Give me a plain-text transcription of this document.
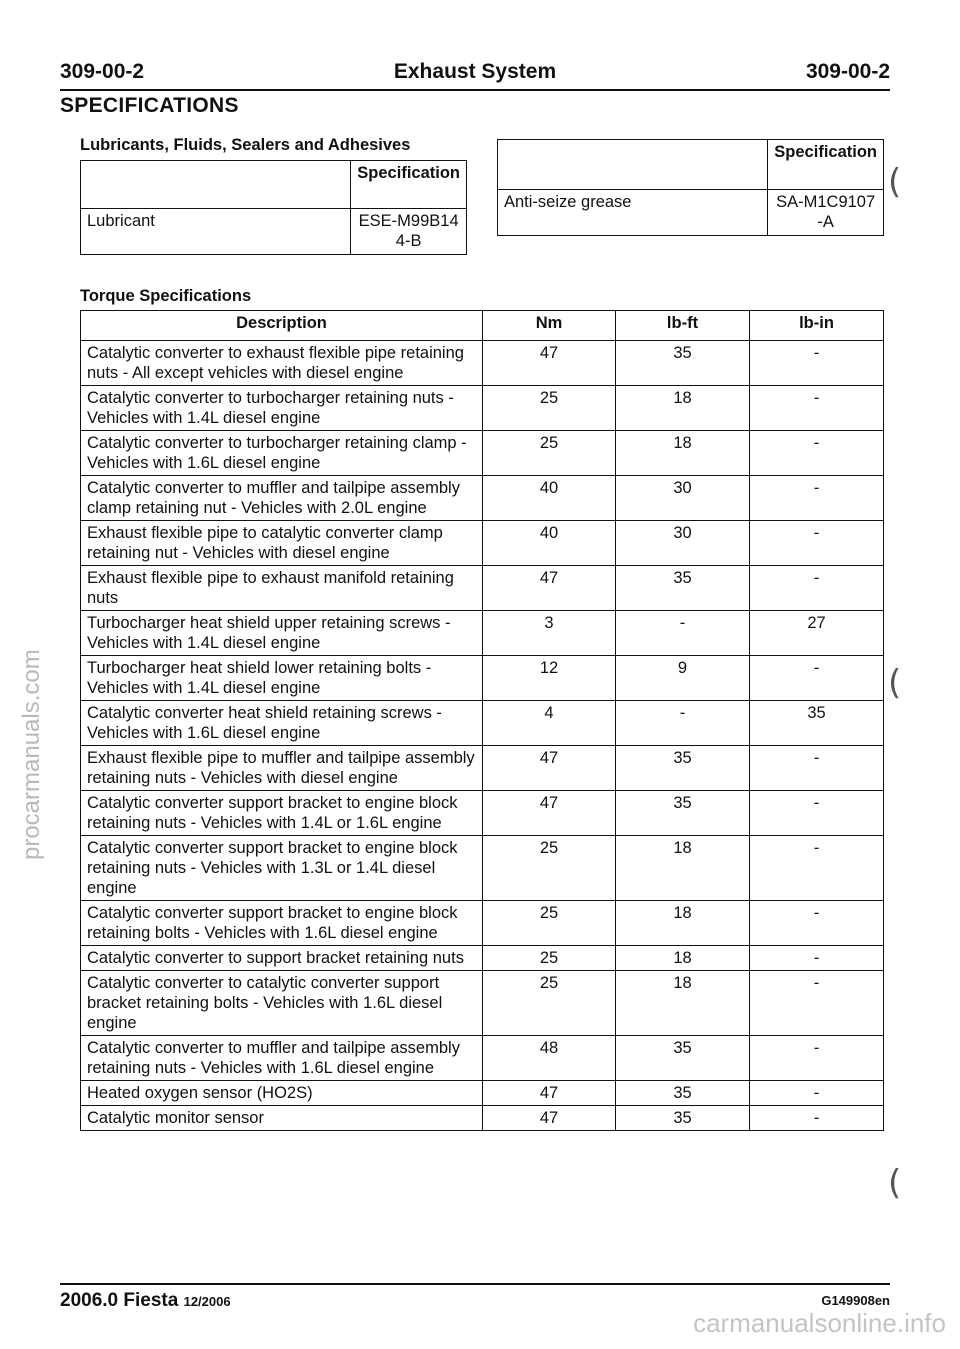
309-00-2	Exhaust System	309-00-2
SPECIFICATIONS
Lubricants, Fluids, Sealers and Adhesives
	Specification
Lubricant	ESE-M99B144-B
	Specification
Anti-seize grease	SA-M1C9107-A
Torque Specifications
Description	Nm	lb-ft	lb-in
Catalytic converter to exhaust flexible pipe retaining nuts - All except vehicles with diesel engine	47	35	-
Catalytic converter to turbocharger retaining nuts - Vehicles with 1.4L diesel engine	25	18	-
Catalytic converter to turbocharger retaining clamp - Vehicles with 1.6L diesel engine	25	18	-
Catalytic converter to muffler and tailpipe assembly clamp retaining nut - Vehicles with 2.0L engine	40	30	-
Exhaust flexible pipe to catalytic converter clamp retaining nut - Vehicles with diesel engine	40	30	-
Exhaust flexible pipe to exhaust manifold retaining nuts	47	35	-
Turbocharger heat shield upper retaining screws - Vehicles with 1.4L diesel engine	3	-	27
Turbocharger heat shield lower retaining bolts - Vehicles with 1.4L diesel engine	12	9	-
Catalytic converter heat shield retaining screws - Vehicles with 1.6L diesel engine	4	-	35
Exhaust flexible pipe to muffler and tailpipe assembly retaining nuts - Vehicles with diesel engine	47	35	-
Catalytic converter support bracket to engine block retaining nuts - Vehicles with 1.4L or 1.6L engine	47	35	-
Catalytic converter support bracket to engine block retaining nuts - Vehicles with 1.3L or 1.4L diesel engine	25	18	-
Catalytic converter support bracket to engine block retaining bolts - Vehicles with 1.6L diesel engine	25	18	-
Catalytic converter to support bracket retaining nuts	25	18	-
Catalytic converter to catalytic converter support bracket retaining bolts - Vehicles with 1.6L diesel engine	25	18	-
Catalytic converter to muffler and tailpipe assembly retaining nuts - Vehicles with 1.6L diesel engine	48	35	-
Heated oxygen sensor (HO2S)	47	35	-
Catalytic monitor sensor	47	35	-
2006.0 Fiesta 12/2006	G149908en
procarmanuals.com
carmanualsonline.info
(
(
(
